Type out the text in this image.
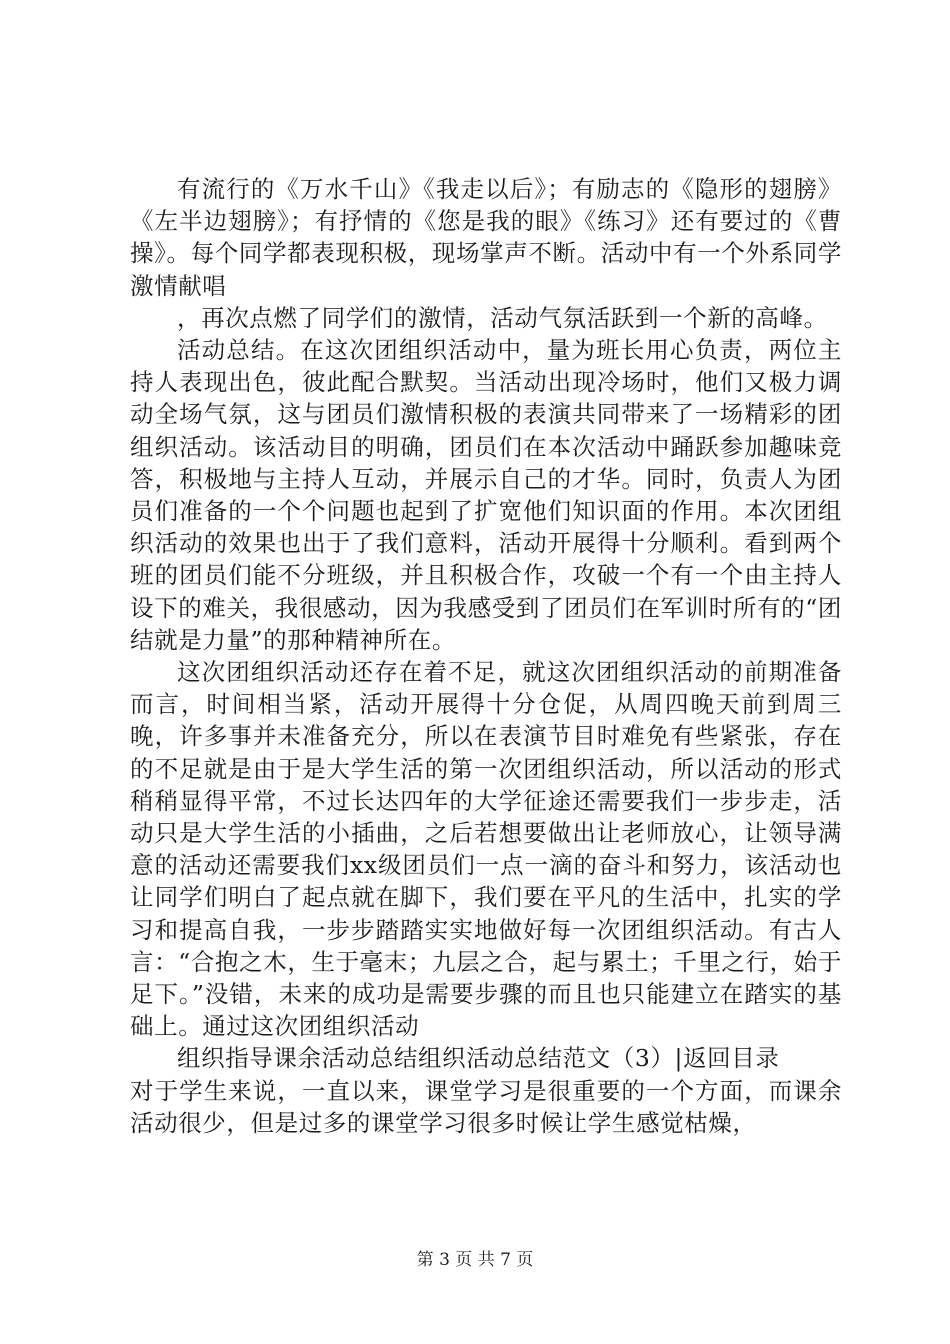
有流行的《万水千山》《我走以后》；有励志的《隐形的翅膀》《左半边翅膀》；有抒情的《您是我的眼》《练习》还有要过的《曹操》。每个同学都表现积极，现场掌声不断。活动中有一个外系同学激情献唱

，再次点燃了同学们的激情，活动气氛活跃到一个新的高峰。

活动总结。在这次团组织活动中，量为班长用心负责，两位主持人表现出色，彼此配合默契。当活动出现冷场时，他们又极力调动全场气氛，这与团员们激情积极的表演共同带来了一场精彩的团组织活动。该活动目的明确，团员们在本次活动中踊跃参加趣味竞答，积极地与主持人互动，并展示自己的才华。同时，负责人为团员们准备的一个个问题也起到了扩宽他们知识面的作用。本次团组织活动的效果也出于了我们意料，活动开展得十分顺利。看到两个班的团员们能不分班级，并且积极合作，攻破一个有一个由主持人设下的难关，我很感动，因为我感受到了团员们在军训时所有的“团结就是力量”的那种精神所在。

这次团组织活动还存在着不足，就这次团组织活动的前期准备而言，时间相当紧，活动开展得十分仓促，从周四晚天前到周三晚，许多事并未准备充分，所以在表演节目时难免有些紧张，存在的不足就是由于是大学生活的第一次团组织活动，所以活动的形式稍稍显得平常，不过长达四年的大学征途还需要我们一步步走，活动只是大学生活的小插曲，之后若想要做出让老师放心，让领导满意的活动还需要我们xx级团员们一点一滴的奋斗和努力，该活动也让同学们明白了起点就在脚下，我们要在平凡的生活中，扎实的学习和提高自我，一步步踏踏实实地做好每一次团组织活动。有古人言：“合抱之木，生于毫末；九层之合，起与累土；千里之行，始于足下。”没错，未来的成功是需要步骤的而且也只能建立在踏实的基础上。通过这次团组织活动

组织指导课余活动总结组织活动总结范文（3）|返回目录

对于学生来说，一直以来，课堂学习是很重要的一个方面，而课余活动很少，但是过多的课堂学习很多时候让学生感觉枯燥，

第 3 页 共 7 页
